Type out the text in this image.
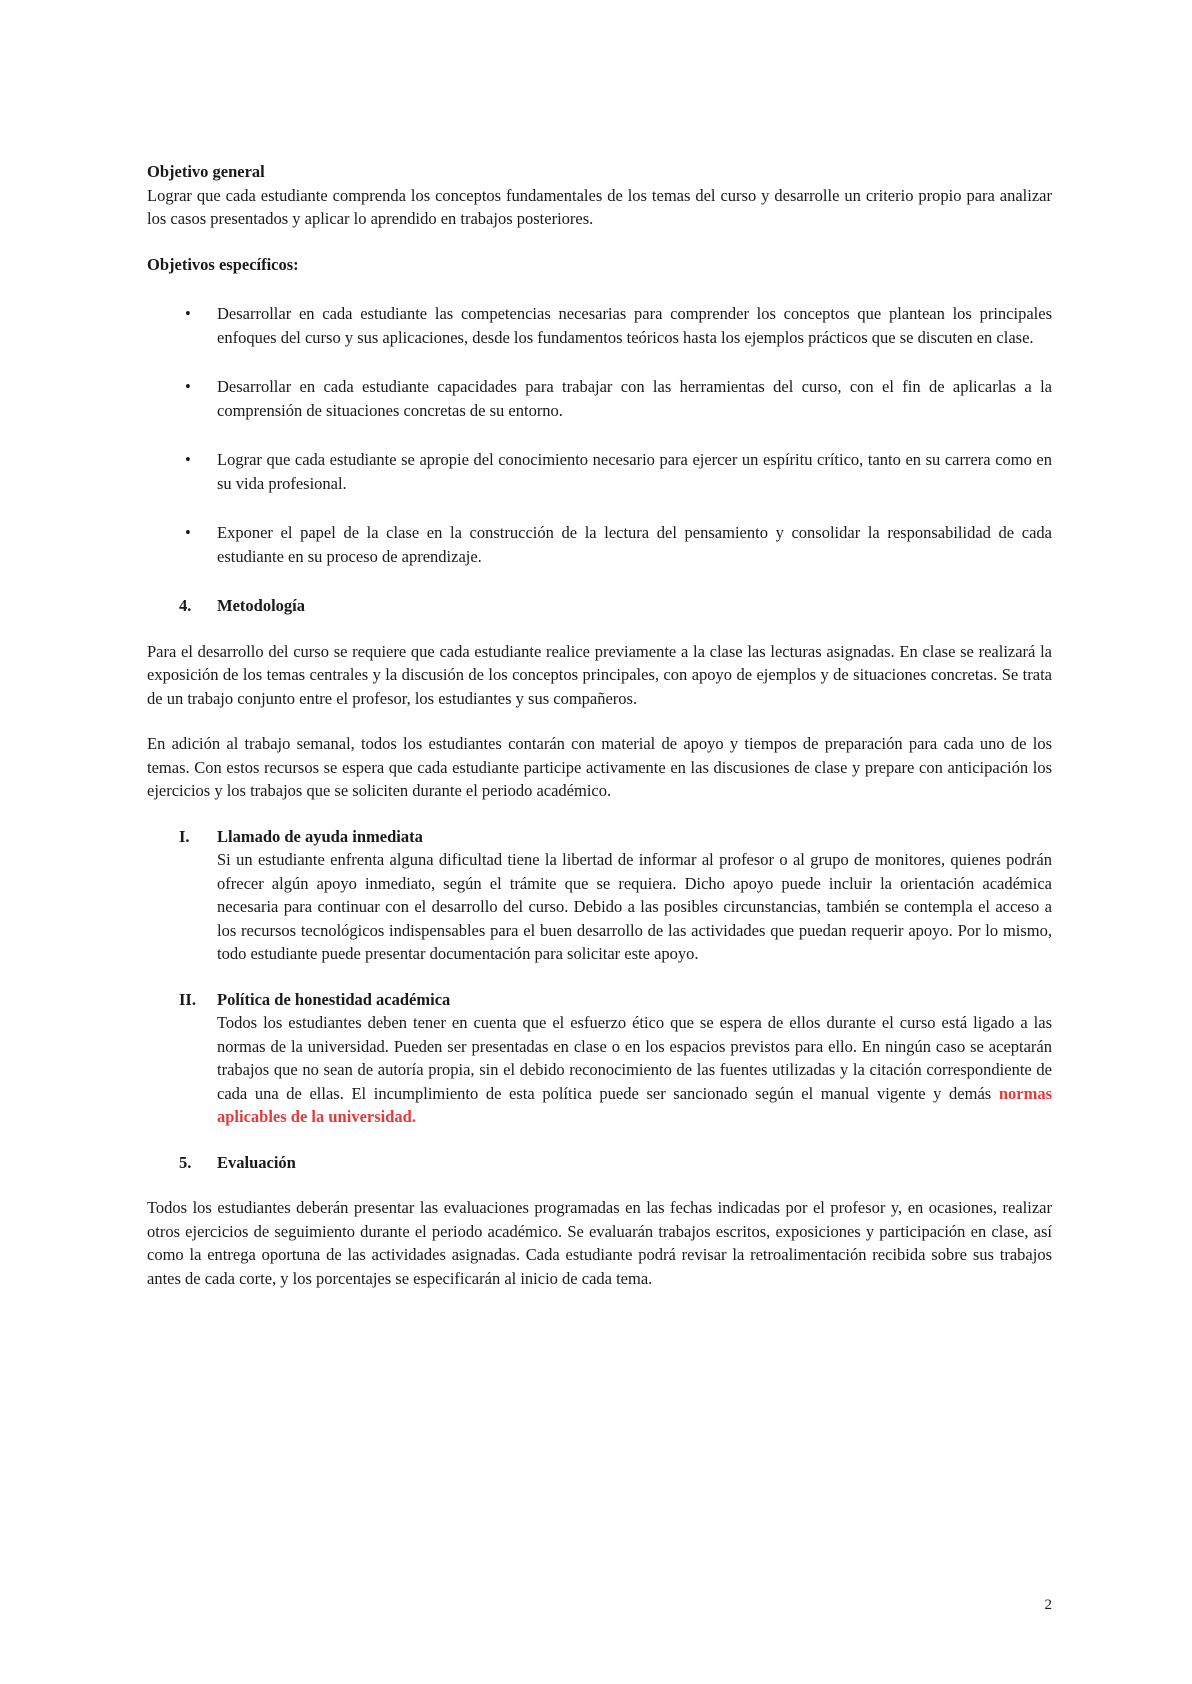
Objetivo general

Lograr que cada estudiante comprenda los conceptos fundamentales de los temas del curso y desarrolle un criterio propio para analizar los casos presentados y aplicar lo aprendido en trabajos posteriores.

Objetivos específicos:

• Desarrollar en cada estudiante las competencias necesarias para comprender los conceptos que plantean los principales enfoques del curso y sus aplicaciones, desde los fundamentos teóricos hasta los ejemplos prácticos que se discuten en clase.
• Desarrollar en cada estudiante capacidades para trabajar con las herramientas del curso, con el fin de aplicarlas a la comprensión de situaciones concretas de su entorno.
• Lograr que cada estudiante se apropie del conocimiento necesario para ejercer un espíritu crítico, tanto en su carrera como en su vida profesional.
• Exponer el papel de la clase en la construcción de la lectura del pensamiento y consolidar la responsabilidad de cada estudiante en su proceso de aprendizaje.
4. Metodología

Para el desarrollo del curso se requiere que cada estudiante realice previamente a la clase las lecturas asignadas. En clase se realizará la exposición de los temas centrales y la discusión de los conceptos principales, con apoyo de ejemplos y de situaciones concretas. Se trata de un trabajo conjunto entre el profesor, los estudiantes y sus compañeros.

En adición al trabajo semanal, todos los estudiantes contarán con material de apoyo y tiempos de preparación para cada uno de los temas. Con estos recursos se espera que cada estudiante participe activamente en las discusiones de clase y prepare con anticipación los ejercicios y los trabajos que se soliciten durante el periodo académico.

I. Llamado de ayuda inmediata

Si un estudiante enfrenta alguna dificultad tiene la libertad de informar al profesor o al grupo de monitores, quienes podrán ofrecer algún apoyo inmediato, según el trámite que se requiera. Dicho apoyo puede incluir la orientación académica necesaria para continuar con el desarrollo del curso. Debido a las posibles circunstancias, también se contempla el acceso a los recursos tecnológicos indispensables para el buen desarrollo de las actividades que puedan requerir apoyo. Por lo mismo, todo estudiante puede presentar documentación para solicitar este apoyo.

II. Política de honestidad académica

Todos los estudiantes deben tener en cuenta que el esfuerzo ético que se espera de ellos durante el curso está ligado a las normas de la universidad. Pueden ser presentadas en clase o en los espacios previstos para ello. En ningún caso se aceptarán trabajos que no sean de autoría propia, sin el debido reconocimiento de las fuentes utilizadas y la citación correspondiente de cada una de ellas. El incumplimiento de esta política puede ser sancionado según el manual vigente y demás normas aplicables de la universidad.

5. Evaluación

Todos los estudiantes deberán presentar las evaluaciones programadas en las fechas indicadas por el profesor y, en ocasiones, realizar otros ejercicios de seguimiento durante el periodo académico. Se evaluarán trabajos escritos, exposiciones y participación en clase, así como la entrega oportuna de las actividades asignadas. Cada estudiante podrá revisar la retroalimentación recibida sobre sus trabajos antes de cada corte, y los porcentajes se especificarán al inicio de cada tema.

2
